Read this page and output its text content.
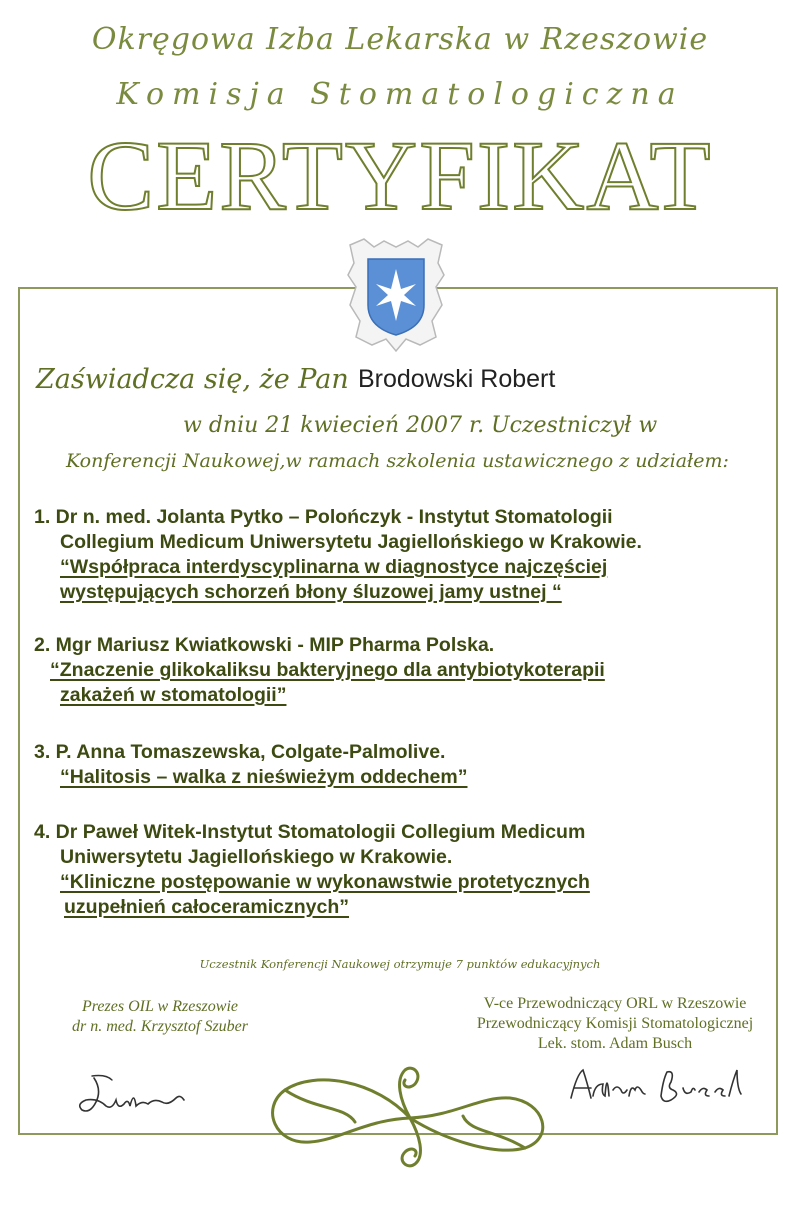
Okręgowa Izba Lekarska w Rzeszowie
Komisja Stomatologiczna
CERTYFIKAT
Zaświadcza się, że Pan Brodowski Robert
w dniu 21 kwiecień 2007 r. Uczestniczył w
Konferencji Naukowej,w ramach szkolenia ustawicznego z udziałem:
1. Dr n. med. Jolanta Pytko – Polończyk - Instytut Stomatologii
Collegium Medicum Uniwersytetu Jagiellońskiego w Krakowie.
“Współpraca interdyscyplinarna w diagnostyce najczęściej
występujących schorzeń błony śluzowej jamy ustnej “
2. Mgr Mariusz Kwiatkowski - MIP Pharma Polska.
“Znaczenie glikokaliksu bakteryjnego dla antybiotykoterapii
zakażeń w stomatologii”
3. P. Anna Tomaszewska, Colgate-Palmolive.
“Halitosis – walka z nieświeżym oddechem”
4. Dr Paweł Witek-Instytut Stomatologii Collegium Medicum
Uniwersytetu Jagiellońskiego w Krakowie.
“Kliniczne postępowanie w wykonawstwie protetycznych
uzupełnień całoceramicznych”
Uczestnik Konferencji Naukowej otrzymuje 7 punktów edukacyjnych
Prezes OIL w Rzeszowie
dr n. med. Krzysztof Szuber
V-ce Przewodniczący ORL w Rzeszowie
Przewodniczący Komisji Stomatologicznej
Lek. stom. Adam Busch
